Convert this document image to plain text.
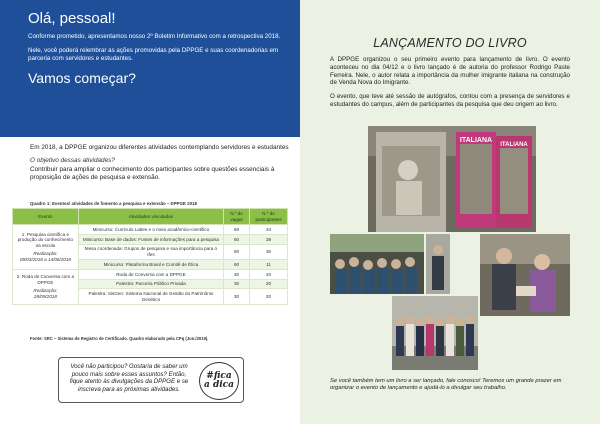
Olá, pessoal!
Conforme prometido, apresentamos nosso 2º Boletim Informativo com a retrospectiva 2018.
Nele, você poderá relembrar as ações promovidas pela DPPGE e suas coordenadorias em parceria com servidores e estudantes.
Vamos começar?
Em 2018, a DPPGE organizou diferentes atividades contemplando servidores e estudantes
O objetivo dessas atividades?
Contribuir para ampliar o conhecimento dos participantes sobre questões essenciais à proposição de ações de pesquisa e extensão.
Quadro 1: Eventos/ atividades de fomento a pesquisa e extensão – DPPGE 2018
Evento	Atividades vinculadas	N.º de vagas	N.º de participantes

1. Pesquisa científica e produção do conhecimento na escola
Realização:
09/03/2018 a 14/06/2018	Minicurso: Currículo Lattes e o meio acadêmico-científico	60	34
	Minicurso: Base de dados: Fontes de informações para a pesquisa	60	39
	Mesa coordenada: Grupos de pesquisa e sua importância para o Ifes	60	30
	Minicurso: Plataforma Brasil e Comitê de Ética	60	11

2. Roda de Conversa com a DPPGE
Realização:
28/09/2018	Roda de Conversa com a DPPGE	30	20
	Palestra: Parceria Público Privada	30	20
	Palestra: SisGen: Sistema Nacional de Gestão do Patrimônio Genético	30	20
Fonte: SRC – Sistema de Registro de Certificado. Quadro elaborado pela CPq (Jun./2019).
Você não participou? Gostaria de saber um pouco mais sobre esses assuntos? Então, fique atento às divulgações da DPPGE e se inscreva para as próximas atividades.
#fica
a dica
LANÇAMENTO DO LIVRO

A DPPGE organizou o seu primeiro evento para lançamento de livro. O evento aconteceu no dia 04/12 e o livro lançado é de autoria do professor Rodrigo Paste Ferreira. Nele, o autor relata a importância da mulher imigrante italiana na construção de Venda Nova do Imigrante.

O evento, que teve até sessão de autógrafos, contou com a presença de servidores e estudantes do campus, além de participantes da pesquisa que deu origem ao livro.

ITALIANA
ITALIANA
Se você também tem um livro a ser lançado, fale conosco! Teremos um grande prazer em organizar o evento de lançamento e ajudá-lo a divulgar seu trabalho.
